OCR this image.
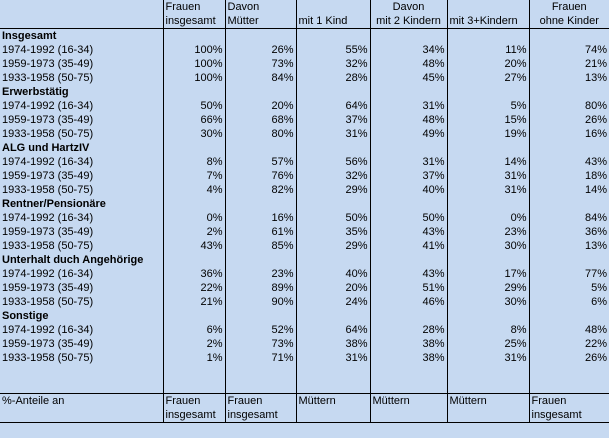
	Frauen	Davon		Davon		Frauen
	insgesamt	Mütter	mit 1 Kind	mit 2 Kindern	mit 3+Kindern	ohne Kinder
Insgesamt						
1974-1992 (16-34)	100%	26%	55%	34%	11%	74%
1959-1973 (35-49)	100%	73%	32%	48%	20%	21%
1933-1958 (50-75)	100%	84%	28%	45%	27%	13%
Erwerbstätig						
1974-1992 (16-34)	50%	20%	64%	31%	5%	80%
1959-1973 (35-49)	66%	68%	37%	48%	15%	26%
1933-1958 (50-75)	30%	80%	31%	49%	19%	16%
ALG und HartzIV						
1974-1992 (16-34)	8%	57%	56%	31%	14%	43%
1959-1973 (35-49)	7%	76%	32%	37%	31%	18%
1933-1958 (50-75)	4%	82%	29%	40%	31%	14%
Rentner/Pensionäre						
1974-1992 (16-34)	0%	16%	50%	50%	0%	84%
1959-1973 (35-49)	2%	61%	35%	43%	23%	36%
1933-1958 (50-75)	43%	85%	29%	41%	30%	13%
Unterhalt duch Angehörige						
1974-1992 (16-34)	36%	23%	40%	43%	17%	77%
1959-1973 (35-49)	22%	89%	20%	51%	29%	5%
1933-1958 (50-75)	21%	90%	24%	46%	30%	6%
Sonstige						
1974-1992 (16-34)	6%	52%	64%	28%	8%	48%
1959-1973 (35-49)	2%	73%	38%	38%	25%	22%
1933-1958 (50-75)	1%	71%	31%	38%	31%	26%

%-Anteile an	Frauen	Frauen	Müttern	Müttern	Müttern	Frauen
	insgesamt	insgesamt				insgesamt
